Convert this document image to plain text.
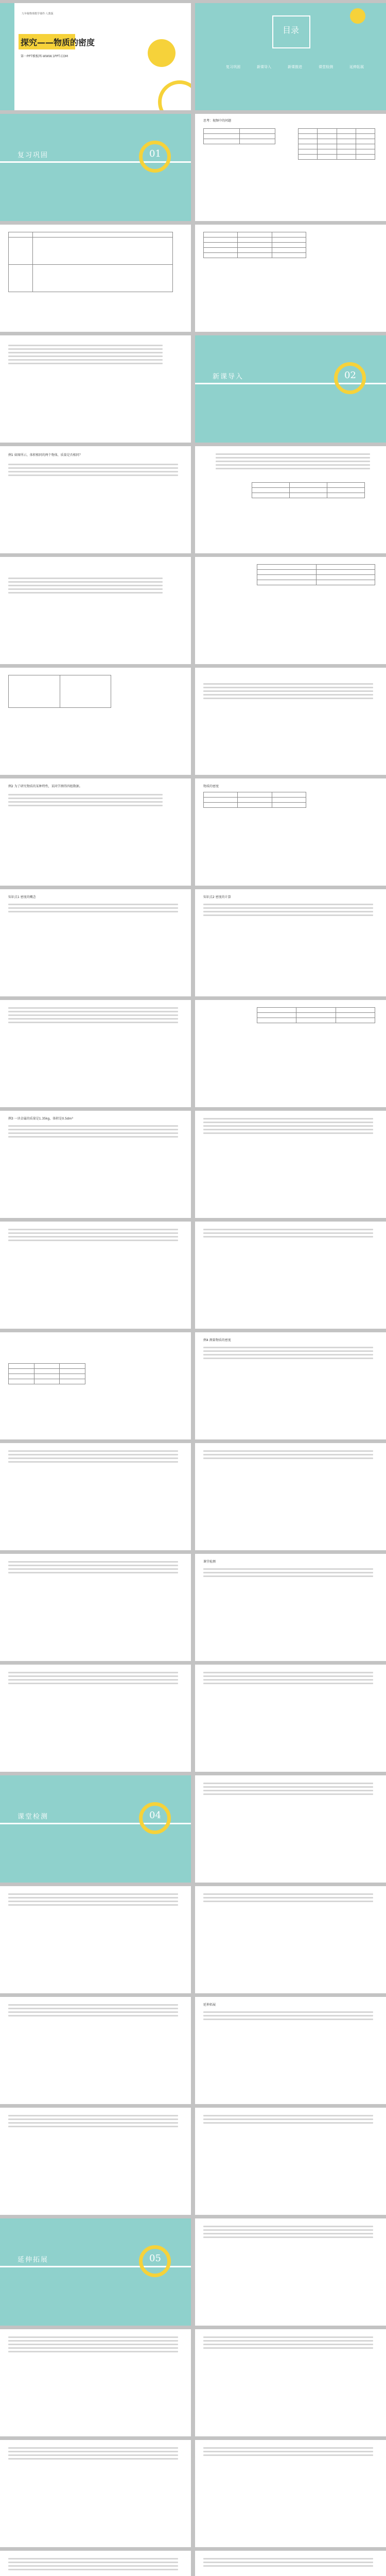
九年级物理教学课件·人教版
探究——物质的密度
第一PPT模板网-WWW.1PPT.COM
目录
复习巩固	新课导入	新课推进	课堂检测	延伸拓展
复习巩固	01
思考：视频中的问题

新课导入	02
例1 如图所示，体积相同的两个物体，质量是否相同？

例2 为了研究物质的某种特性，某同学测得四组数据。	物质的密度

知识点1 密度的概念	知识点2 密度的计算

例3 一块金属的质量是1.35kg，体积是0.5dm³

例4 测量物质的密度
课堂检测
课堂检测	04
延伸拓展
延伸拓展	05
